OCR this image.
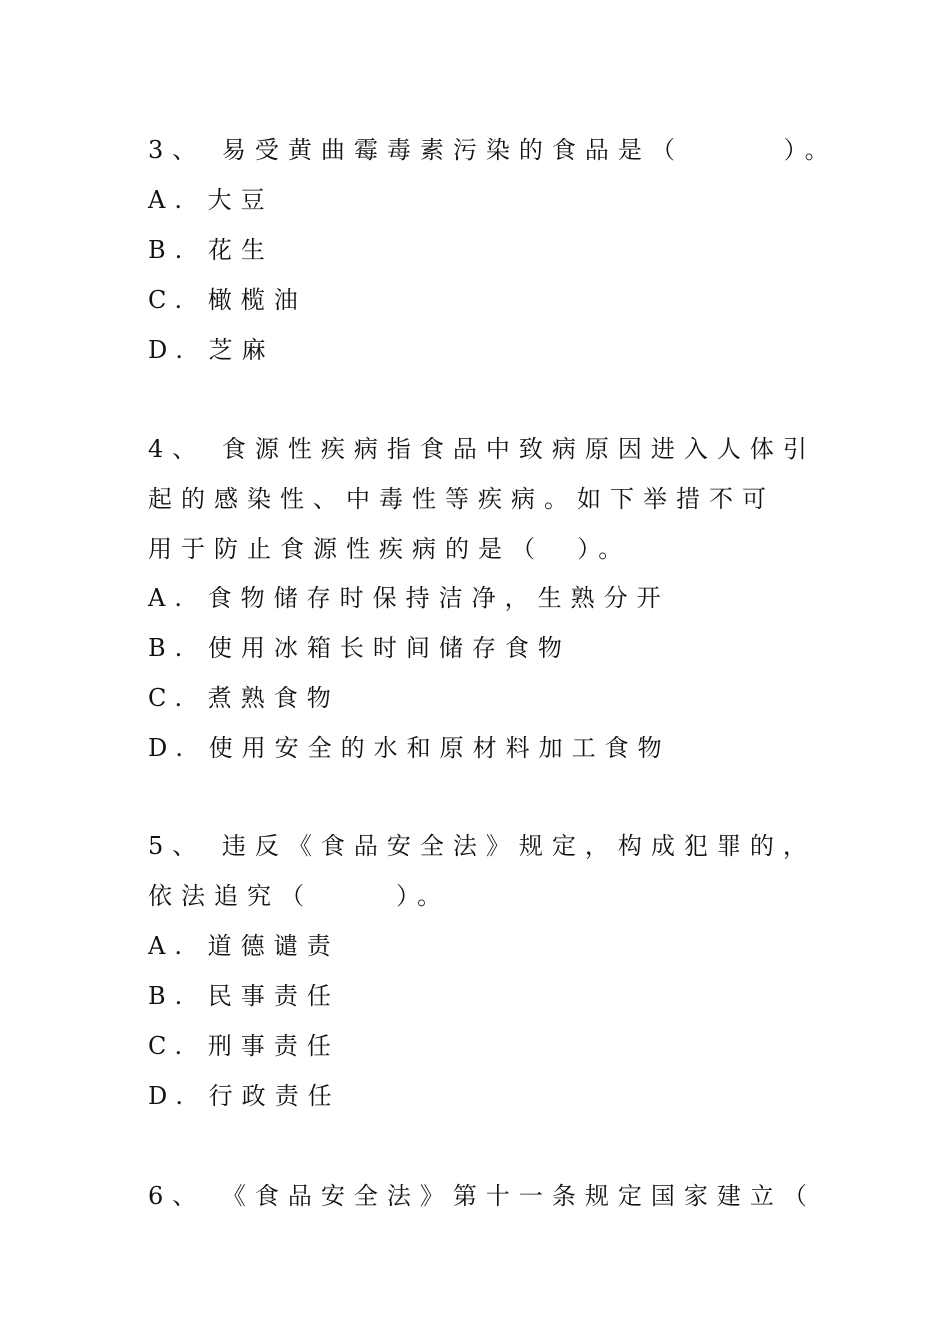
3、 易受黄曲霉毒素污染的食品是（      ）。
A. 大豆
B. 花生
C. 橄榄油
D. 芝麻
4、 食源性疾病指食品中致病原因进入人体引
起的感染性、中毒性等疾病。如下举措不可
用于防止食源性疾病的是（  ）。
A. 食物储存时保持洁净，生熟分开
B. 使用冰箱长时间储存食物
C. 煮熟食物
D. 使用安全的水和原材料加工食物
5、 违反《食品安全法》规定，构成犯罪的，
依法追究（     ）。
A. 道德谴责
B. 民事责任
C. 刑事责任
D. 行政责任
6、 《食品安全法》第十一条规定国家建立（
